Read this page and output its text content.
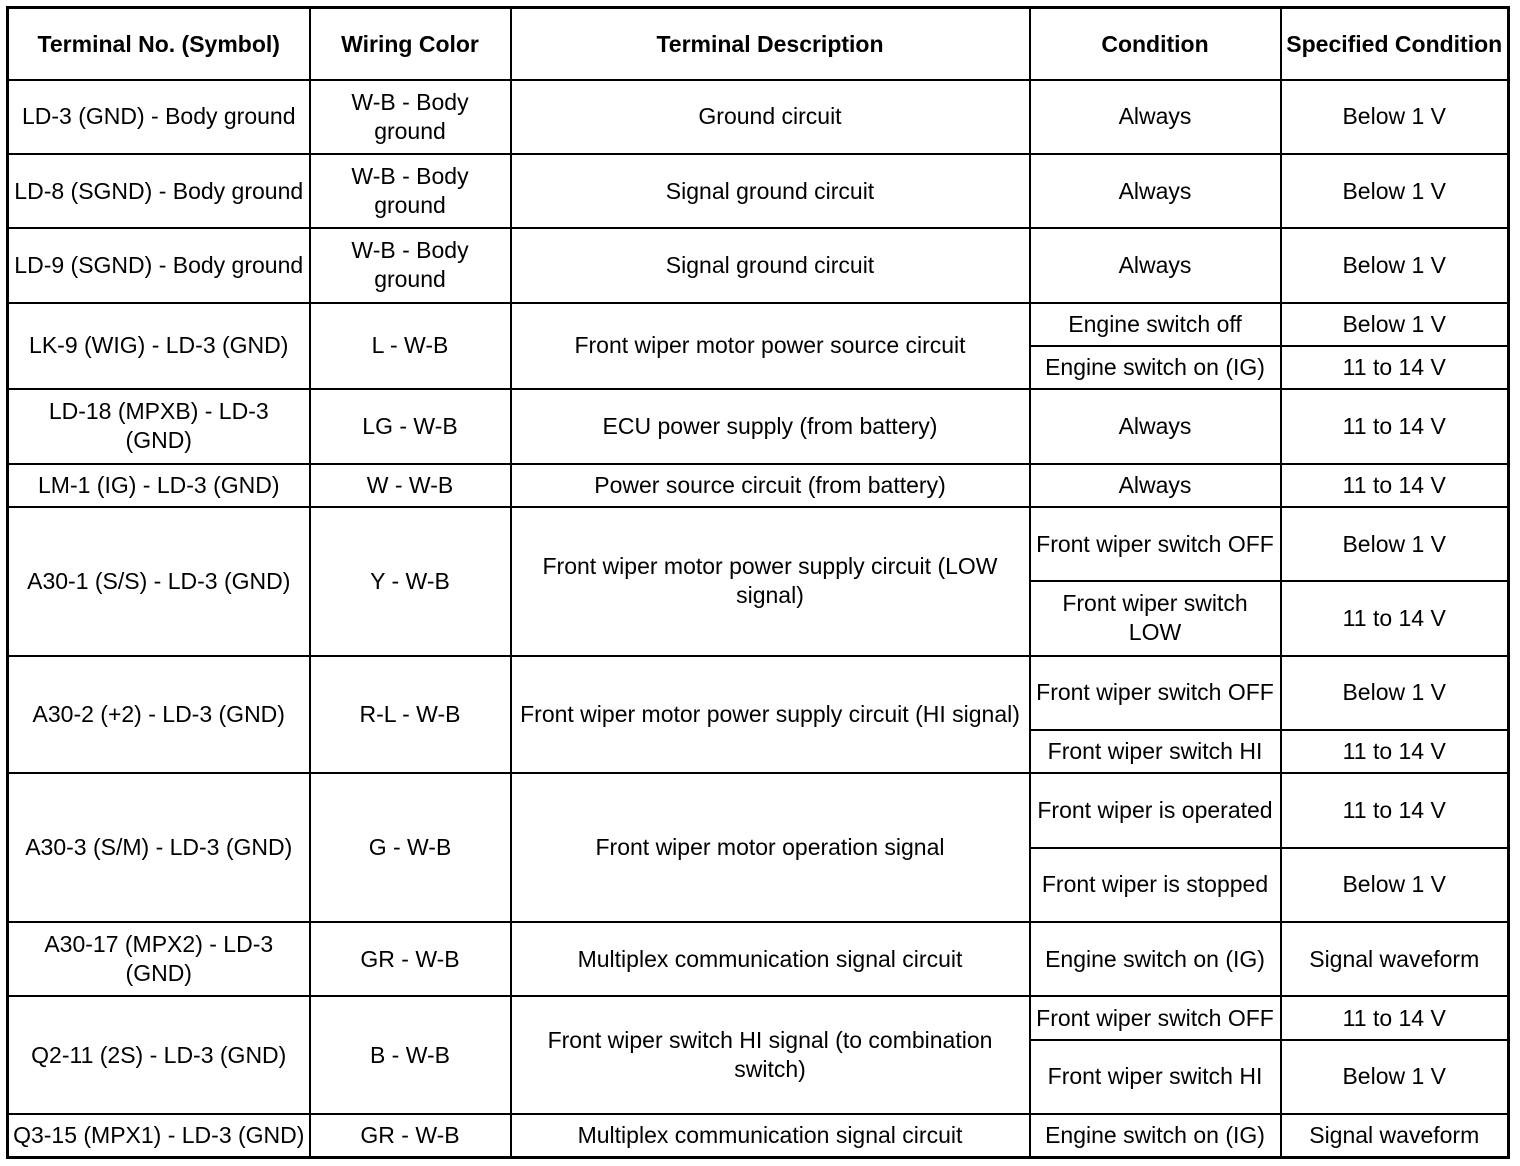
Terminal No. (Symbol)	Wiring Color	Terminal Description	Condition	Specified Condition
LD-3 (GND) - Body ground	W-B - Body ground	Ground circuit	Always	Below 1 V
LD-8 (SGND) - Body ground	W-B - Body ground	Signal ground circuit	Always	Below 1 V
LD-9 (SGND) - Body ground	W-B - Body ground	Signal ground circuit	Always	Below 1 V
LK-9 (WIG) - LD-3 (GND)	L - W-B	Front wiper motor power source circuit	Engine switch off	Below 1 V
			Engine switch on (IG)	11 to 14 V
LD-18 (MPXB) - LD-3 (GND)	LG - W-B	ECU power supply (from battery)	Always	11 to 14 V
LM-1 (IG) - LD-3 (GND)	W - W-B	Power source circuit (from battery)	Always	11 to 14 V
A30-1 (S/S) - LD-3 (GND)	Y - W-B	Front wiper motor power supply circuit (LOW signal)	Front wiper switch OFF	Below 1 V
			Front wiper switch LOW	11 to 14 V
A30-2 (+2) - LD-3 (GND)	R-L - W-B	Front wiper motor power supply circuit (HI signal)	Front wiper switch OFF	Below 1 V
			Front wiper switch HI	11 to 14 V
A30-3 (S/M) - LD-3 (GND)	G - W-B	Front wiper motor operation signal	Front wiper is operated	11 to 14 V
			Front wiper is stopped	Below 1 V
A30-17 (MPX2) - LD-3 (GND)	GR - W-B	Multiplex communication signal circuit	Engine switch on (IG)	Signal waveform
Q2-11 (2S) - LD-3 (GND)	B - W-B	Front wiper switch HI signal (to combination switch)	Front wiper switch OFF	11 to 14 V
			Front wiper switch HI	Below 1 V
Q3-15 (MPX1) - LD-3 (GND)	GR - W-B	Multiplex communication signal circuit	Engine switch on (IG)	Signal waveform
